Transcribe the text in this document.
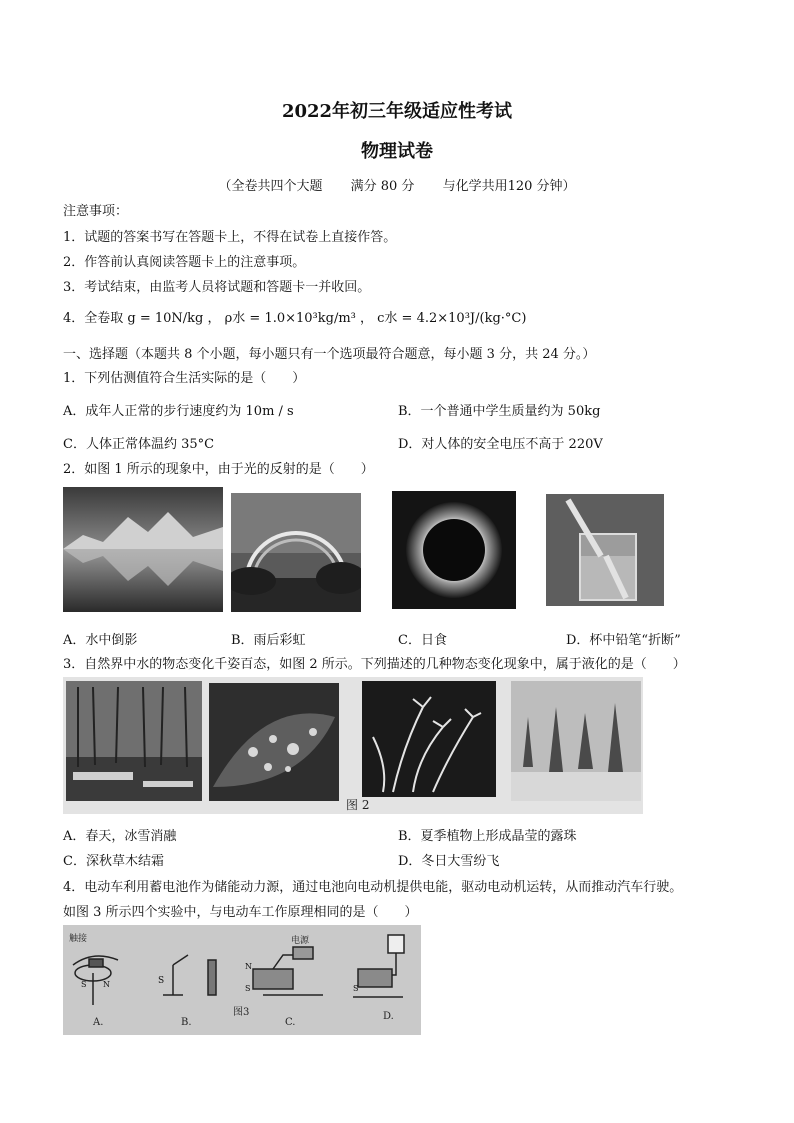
2022年初三年级适应性考试
物理试卷
（全卷共四个大题 满分 80 分 与化学共用120 分钟）
注意事项：
1．试题的答案书写在答题卡上，不得在试卷上直接作答。
2．作答前认真阅读答题卡上的注意事项。
3．考试结束，由监考人员将试题和答题卡一并收回。
4．全卷取 g = 10N/kg ， ρ水 = 1.0×10³kg/m³ ， c水 = 4.2×10³J/(kg·°C)
一、选择题（本题共 8 个小题，每小题只有一个选项最符合题意，每小题 3 分，共 24 分。）
1．下列估测值符合生活实际的是（　　）
A．成年人正常的步行速度约为 10m / s	B．一个普通中学生质量约为 50kg
C．人体正常体温约 35°C	D．对人体的安全电压不高于 220V
2．如图 1 所示的现象中，由于光的反射的是（　　）
A．水中倒影	B．雨后彩虹	C．日食	D．杯中铅笔“折断”
3．自然界中水的物态变化千姿百态，如图 2 所示。下列描述的几种物态变化现象中，属于液化的是（　　）
图 2
A．春天，冰雪消融	B．夏季植物上形成晶莹的露珠
C．深秋草木结霜	D．冬日大雪纷飞
4．电动车利用蓄电池作为储能动力源，通过电池向电动机提供电能，驱动电动机运转，从而推动汽车行驶。
如图 3 所示四个实验中，与电动车工作原理相同的是（　　）
S N	S
N
S	S
触接	电源
图3
A.	B.	C.
D.
